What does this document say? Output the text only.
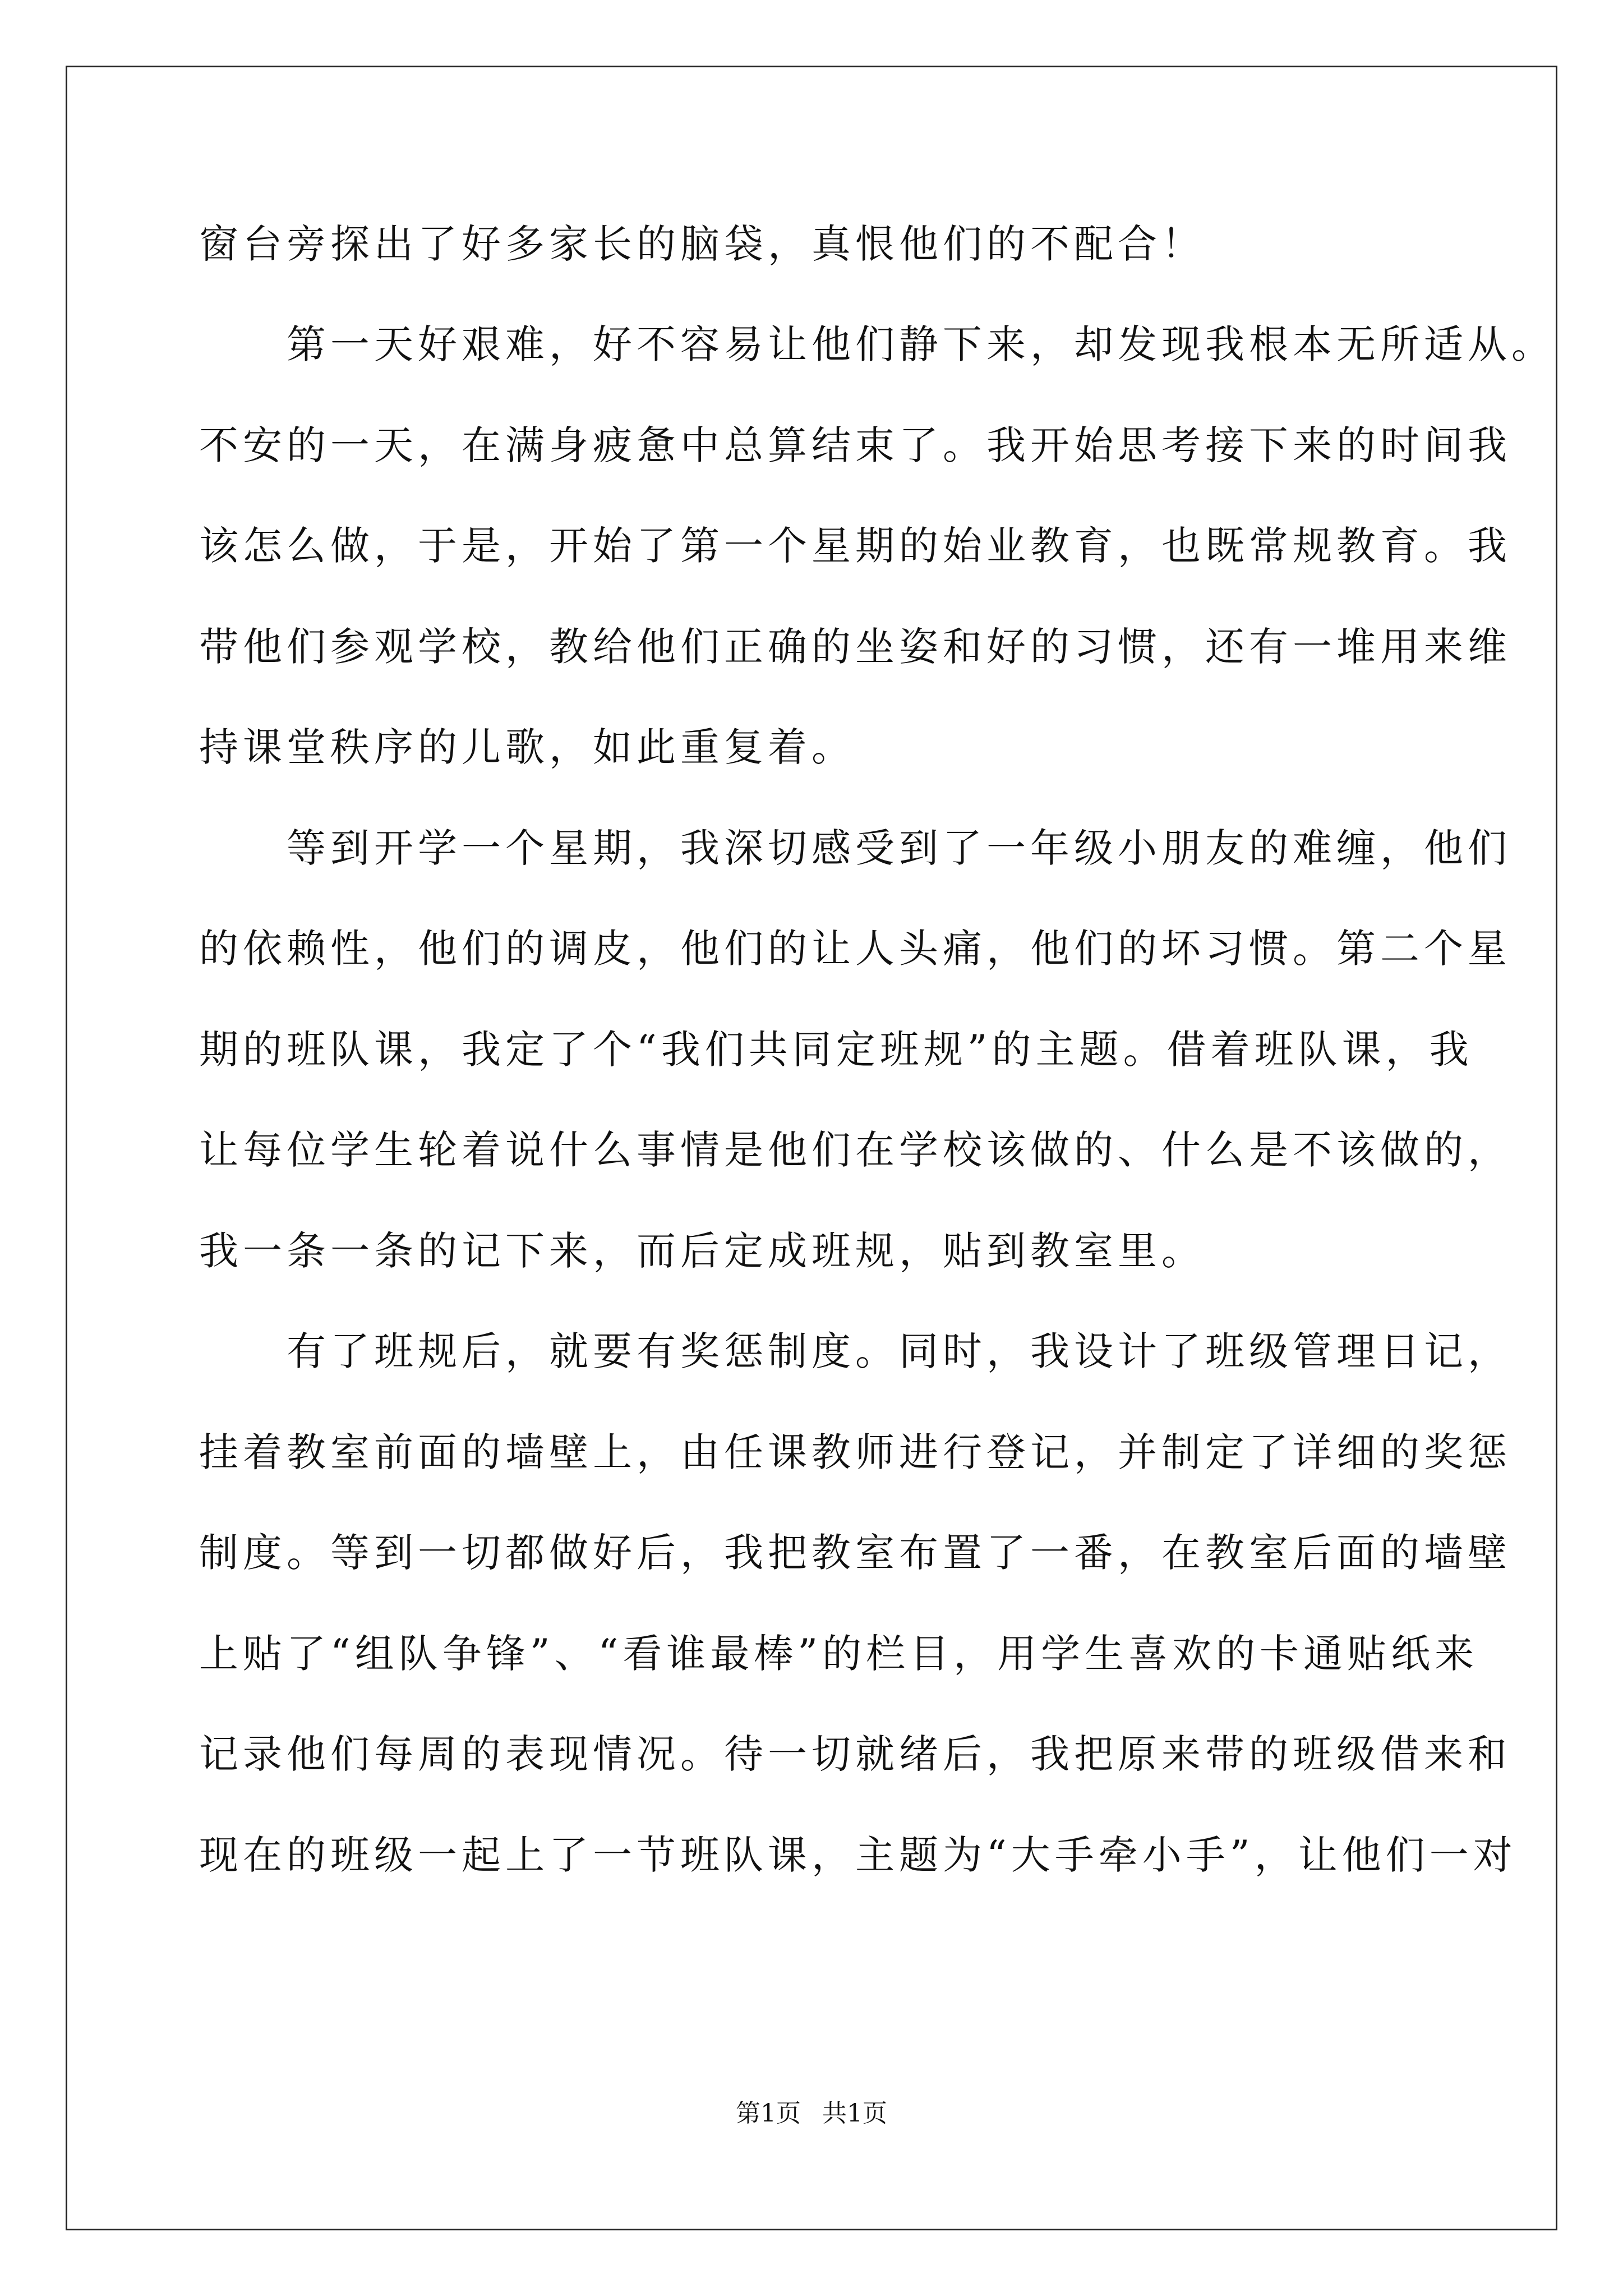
窗台旁探出了好多家长的脑袋，真恨他们的不配合！
　　第一天好艰难，好不容易让他们静下来，却发现我根本无所适从。
不安的一天，在满身疲惫中总算结束了。我开始思考接下来的时间我
该怎么做，于是，开始了第一个星期的始业教育，也既常规教育。我
带他们参观学校，教给他们正确的坐姿和好的习惯，还有一堆用来维
持课堂秩序的儿歌，如此重复着。
　　等到开学一个星期，我深切感受到了一年级小朋友的难缠，他们
的依赖性，他们的调皮，他们的让人头痛，他们的坏习惯。第二个星
期的班队课，我定了个“我们共同定班规”的主题。借着班队课，我
让每位学生轮着说什么事情是他们在学校该做的、什么是不该做的，
我一条一条的记下来，而后定成班规，贴到教室里。
　　有了班规后，就要有奖惩制度。同时，我设计了班级管理日记，
挂着教室前面的墙壁上，由任课教师进行登记，并制定了详细的奖惩
制度。等到一切都做好后，我把教室布置了一番，在教室后面的墙壁
上贴了“组队争锋”、“看谁最棒”的栏目，用学生喜欢的卡通贴纸来
记录他们每周的表现情况。待一切就绪后，我把原来带的班级借来和
现在的班级一起上了一节班队课，主题为“大手牵小手”，让他们一对
第1页 共1页
